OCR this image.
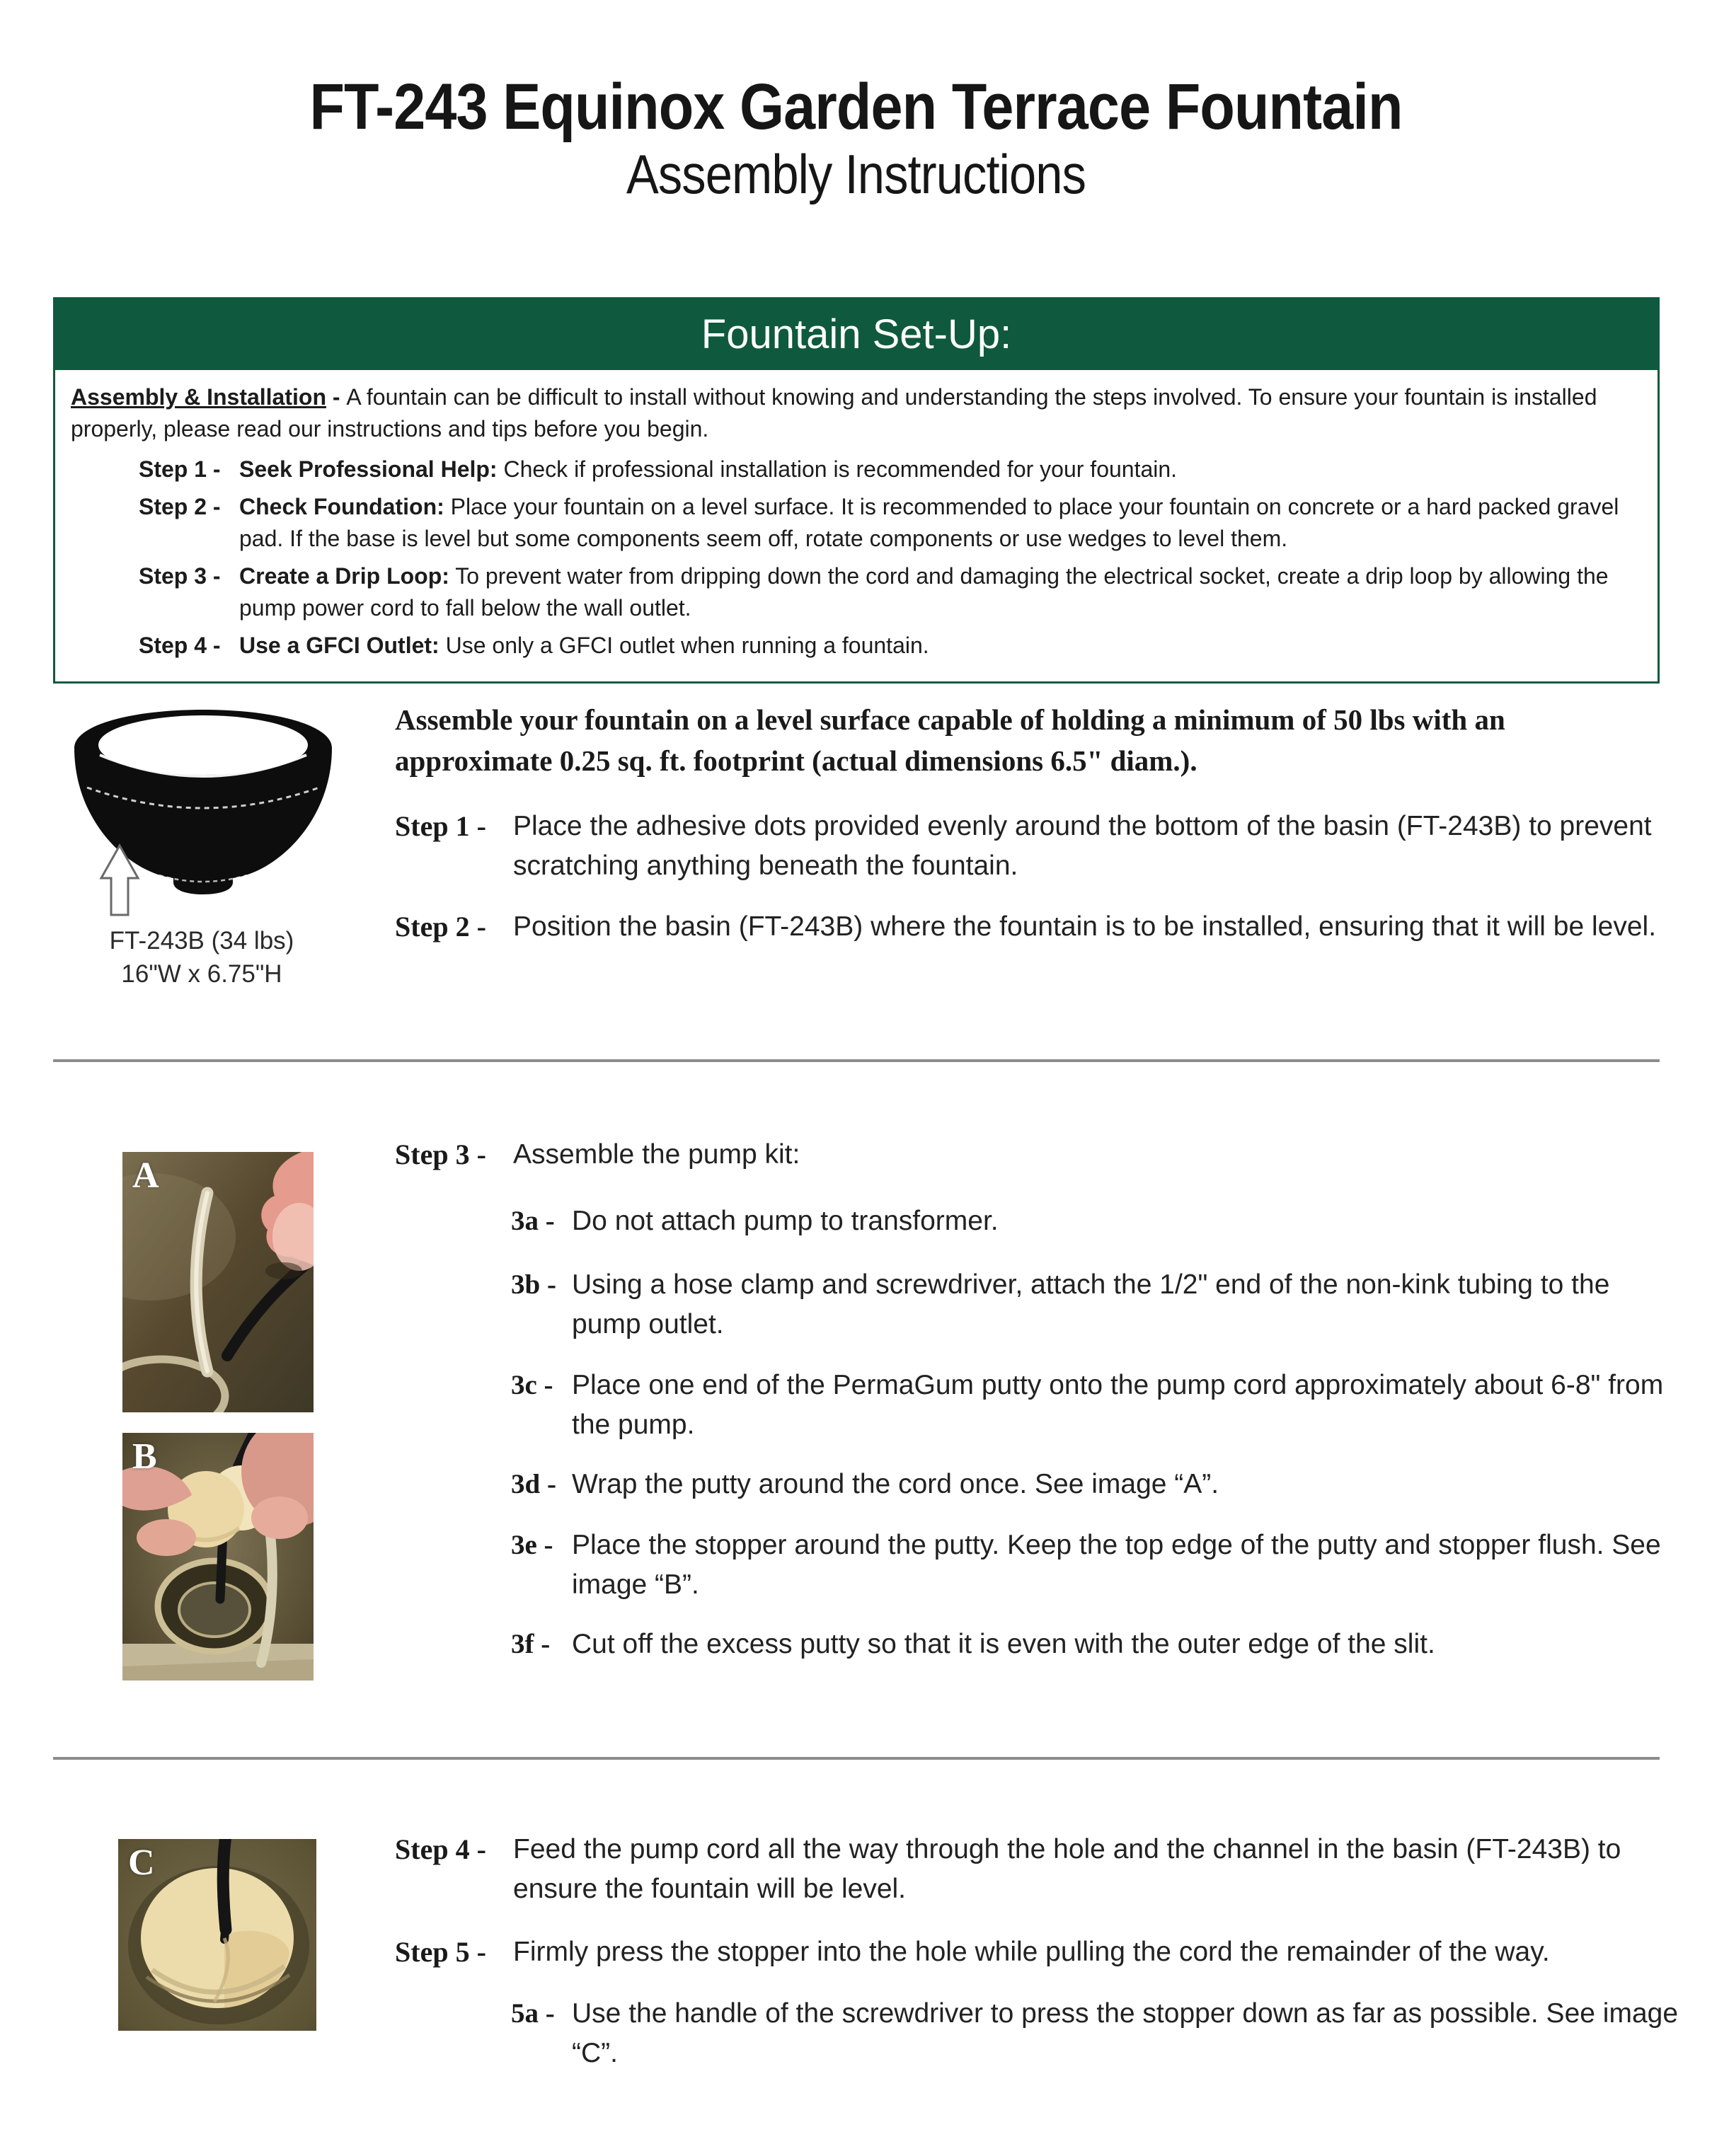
FT-243 Equinox Garden Terrace Fountain
Assembly Instructions
Fountain Set-Up:

Assembly & Installation - A fountain can be difficult to install without knowing and understanding the steps involved. To ensure your fountain is installed properly, please read our instructions and tips before you begin.

Step 1 - Seek Professional Help: Check if professional installation is recommended for your fountain.
Step 2 - Check Foundation: Place your fountain on a level surface. It is recommended to place your fountain on concrete or a hard packed gravel pad. If the base is level but some components seem off, rotate components or use wedges to level them.
Step 3 - Create a Drip Loop: To prevent water from dripping down the cord and damaging the electrical socket, create a drip loop by allowing the pump power cord to fall below the wall outlet.
Step 4 - Use a GFCI Outlet: Use only a GFCI outlet when running a fountain.
FT-243B (34 lbs)
16"W x 6.75"H
Assemble your fountain on a level surface capable of holding a minimum of 50 lbs with an approximate 0.25 sq. ft. footprint (actual dimensions 6.5" diam.).
Step 1 - Place the adhesive dots provided evenly around the bottom of the basin (FT-243B) to prevent scratching anything beneath the fountain.
Step 2 - Position the basin (FT-243B) where the fountain is to be installed, ensuring that it will be level.
A
B
Step 3 - Assemble the pump kit:
3a - Do not attach pump to transformer.
3b - Using a hose clamp and screwdriver, attach the 1/2" end of the non-kink tubing to the pump outlet.
3c - Place one end of the PermaGum putty onto the pump cord approximately about 6-8" from the pump.
3d - Wrap the putty around the cord once. See image “A”.
3e - Place the stopper around the putty. Keep the top edge of the putty and stopper flush. See image “B”.
3f - Cut off the excess putty so that it is even with the outer edge of the slit.
C	Step 4 - Feed the pump cord all the way through the hole and the channel in the basin (FT-243B) to ensure the fountain will be level.
Step 5 - Firmly press the stopper into the hole while pulling the cord the remainder of the way.
5a - Use the handle of the screwdriver to press the stopper down as far as possible. See image “C”.
